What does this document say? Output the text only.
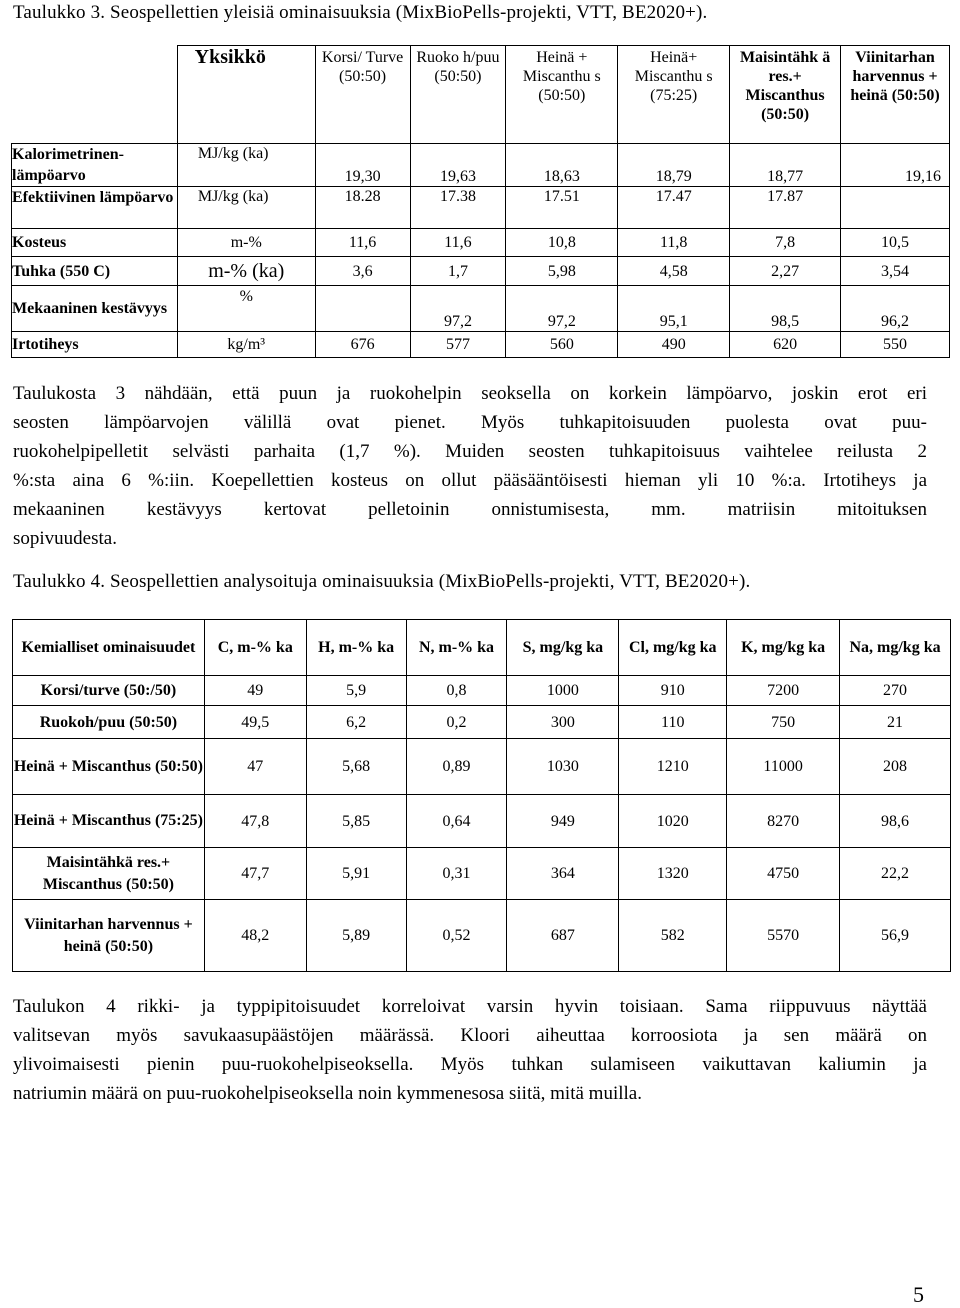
Taulukko 3. Seospellettien yleisiä ominaisuuksia (MixBioPells-projekti, VTT, BE2020+).
	Yksikkö	Korsi/ Turve (50:50)	Ruoko h/puu (50:50)	Heinä + Miscanthu s (50:50)	Heinä+ Miscanthu s (75:25)	Maisintähk ä res.+ Miscanthus (50:50)	Viinitarhan harvennus + heinä (50:50)
Kalorimetrinen-lämpöarvo	MJ/kg (ka)	19,30	19,63	18,63	18,79	18,77	19,16
Efektiivinen lämpöarvo	MJ/kg (ka)	18.28	17.38	17.51	17.47	17.87	
Kosteus	m-%	11,6	11,6	10,8	11,8	7,8	10,5
Tuhka (550 C)	m-% (ka)	3,6	1,7	5,98	4,58	2,27	3,54
Mekaaninen kestävyys	%		97,2	97,2	95,1	98,5	96,2
Irtotiheys	kg/m³	676	577	560	490	620	550
Taulukosta 3 nähdään, että puun ja ruokohelpin seoksella on korkein lämpöarvo, joskin erot eri
seosten lämpöarvojen välillä ovat pienet. Myös tuhkapitoisuuden puolesta ovat puu-
ruokohelpipelletit selvästi parhaita (1,7 %). Muiden seosten tuhkapitoisuus vaihtelee reilusta 2
%:sta aina 6 %:iin. Koepellettien kosteus on ollut pääsääntöisesti hieman yli 10 %:a. Irtotiheys ja
mekaaninen kestävyys kertovat pelletoinin onnistumisesta, mm. matriisin mitoituksen
sopivuudesta.
Taulukko 4. Seospellettien analysoituja ominaisuuksia (MixBioPells-projekti, VTT, BE2020+).
Kemialliset ominaisuudet	C, m-% ka	H, m-% ka	N, m-% ka	S, mg/kg ka	Cl, mg/kg ka	K, mg/kg ka	Na, mg/kg ka
Korsi/turve (50:/50)	49	5,9	0,8	1000	910	7200	270
Ruokoh/puu (50:50)	49,5	6,2	0,2	300	110	750	21
Heinä + Miscanthus (50:50)	47	5,68	0,89	1030	1210	11000	208
Heinä + Miscanthus (75:25)	47,8	5,85	0,64	949	1020	8270	98,6
Maisintähkä res.+ Miscanthus (50:50)	47,7	5,91	0,31	364	1320	4750	22,2
Viinitarhan harvennus + heinä (50:50)	48,2	5,89	0,52	687	582	5570	56,9
Taulukon 4 rikki- ja typpipitoisuudet korreloivat varsin hyvin toisiaan. Sama riippuvuus näyttää
valitsevan myös savukaasupäästöjen määrässä. Kloori aiheuttaa korroosiota ja sen määrä on
ylivoimaisesti pienin puu-ruokohelpiseoksella. Myös tuhkan sulamiseen vaikuttavan kaliumin ja
natriumin määrä on puu-ruokohelpiseoksella noin kymmenesosa siitä, mitä muilla.
5
